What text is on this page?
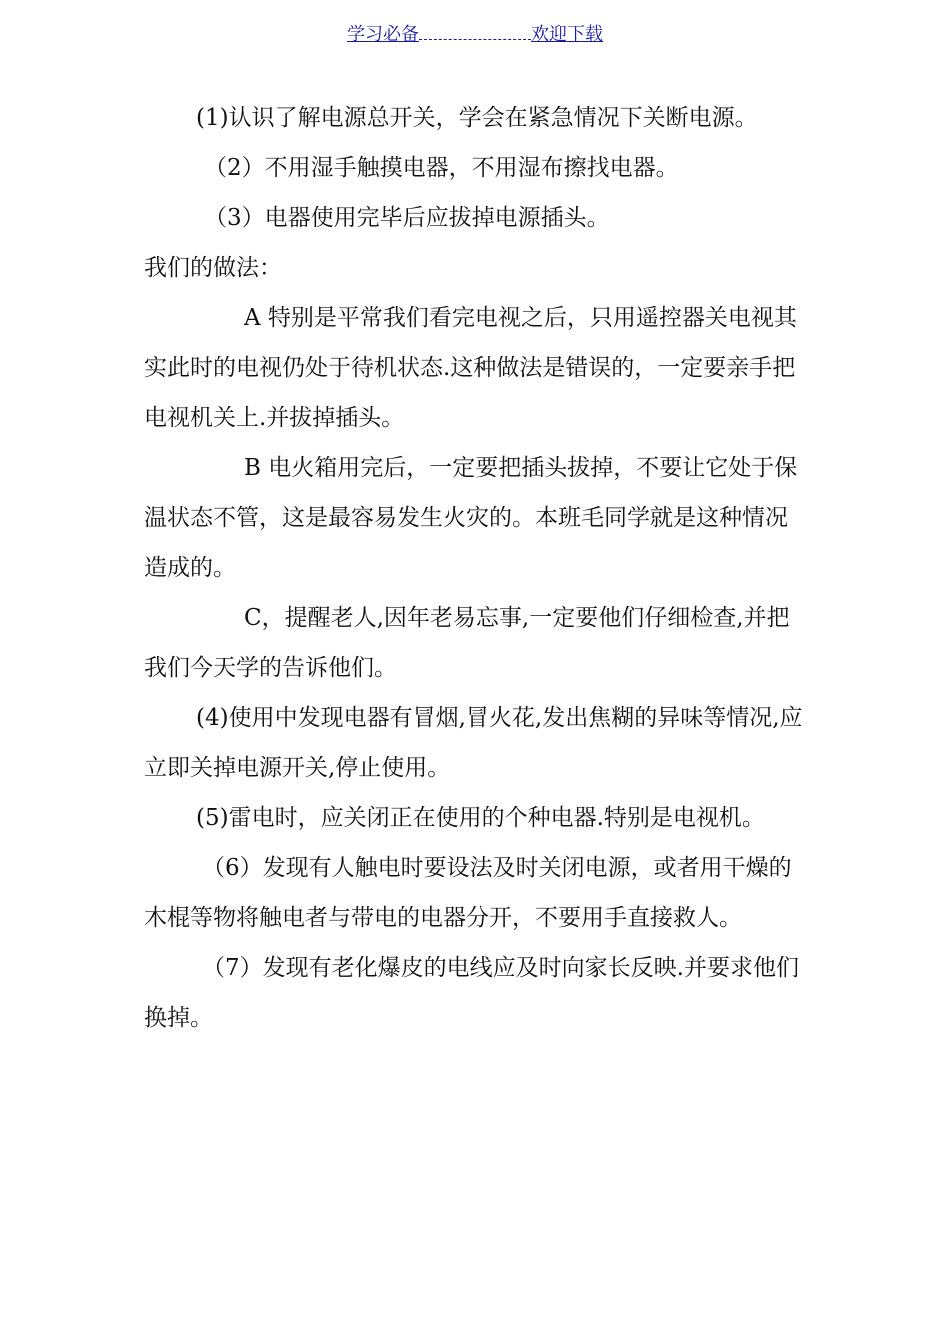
学习必备	欢迎下载

(1)认识了解电源总开关，学会在紧急情况下关断电源。

（2）不用湿手触摸电器，不用湿布擦找电器。

（3）电器使用完毕后应拔掉电源插头。

我们的做法：

A 特别是平常我们看完电视之后，只用遥控器关电视其实此时的电视仍处于待机状态.这种做法是错误的，一定要亲手把电视机关上.并拔掉插头。

B 电火箱用完后，一定要把插头拔掉，不要让它处于保温状态不管，这是最容易发生火灾的。本班毛同学就是这种情况造成的。

C，提醒老人,因年老易忘事,一定要他们仔细检查,并把我们今天学的告诉他们。

(4)使用中发现电器有冒烟,冒火花,发出焦糊的异味等情况,应立即关掉电源开关,停止使用。

(5)雷电时，应关闭正在使用的个种电器.特别是电视机。

（6）发现有人触电时要设法及时关闭电源，或者用干燥的木棍等物将触电者与带电的电器分开，不要用手直接救人。

（7）发现有老化爆皮的电线应及时向家长反映.并要求他们换掉。
